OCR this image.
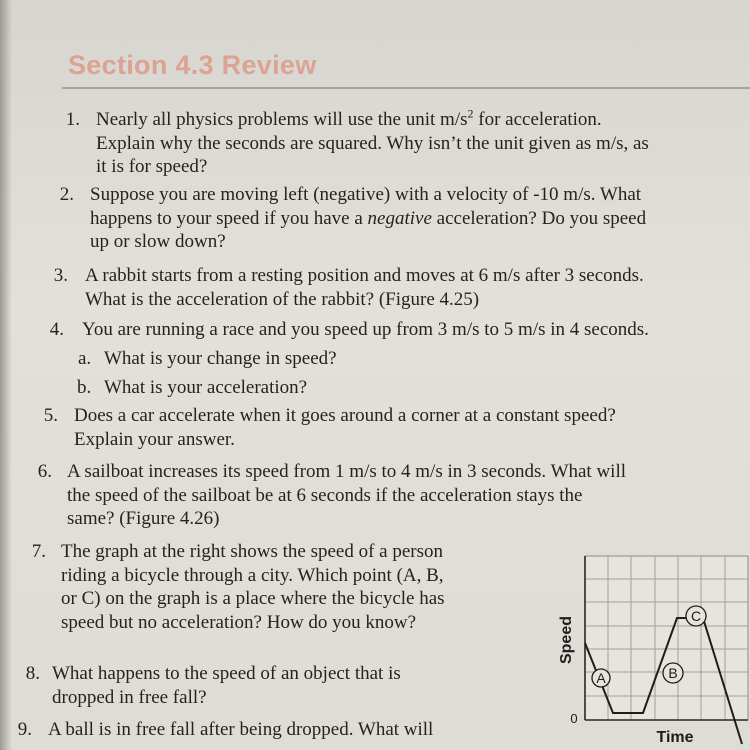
Section 4.3 Review
1. Nearly all physics problems will use the unit $m/s^2$ for acceleration.
Explain why the seconds are squared. Why isn’t the unit given as m/s, as
it is for speed?
2. Suppose you are moving left (negative) with a velocity of -10 m/s. What
happens to your speed if you have a negative acceleration? Do you speed
up or slow down?
3. A rabbit starts from a resting position and moves at 6 m/s after 3 seconds.
What is the acceleration of the rabbit? (Figure 4.25)
4. You are running a race and you speed up from 3 m/s to 5 m/s in 4 seconds.
a. What is your change in speed?
b. What is your acceleration?
5. Does a car accelerate when it goes around a corner at a constant speed?
Explain your answer.
6. A sailboat increases its speed from 1 m/s to 4 m/s in 3 seconds. What will
the speed of the sailboat be at 6 seconds if the acceleration stays the
same? (Figure 4.26)
7. The graph at the right shows the speed of a person
riding a bicycle through a city. Which point (A, B,
or C) on the graph is a place where the bicycle has
speed but no acceleration? How do you know?
8. What happens to the speed of an object that is
dropped in free fall?
9. A ball is in free fall after being dropped. What will
A	B
C
Speed
0
Time
